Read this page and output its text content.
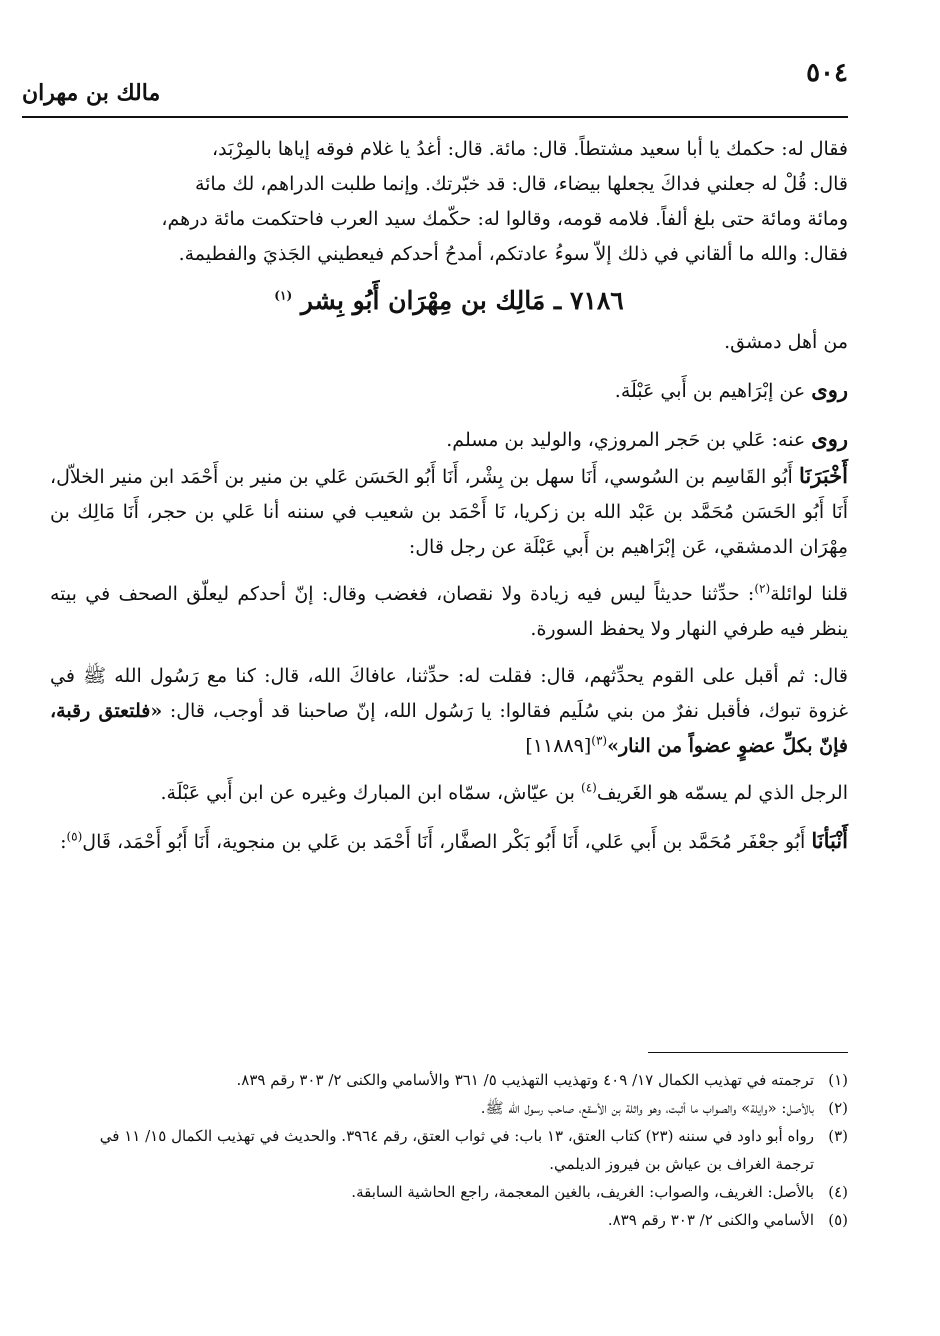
٥٠٤
مالك بن مهران

فقال له: حكمك يا أبا سعيد مشتطاً. قال: مائة. قال: أغدُ يا غلام فوقه إياها بالمِرْبَد،

قال: قُلْ له جعلني فداكَ يجعلها بيضاء، قال: قد خبّرتك. وإنما طلبت الدراهم، لك مائة

ومائة ومائة حتى بلغ ألفاً. فلامه قومه، وقالوا له: حكّمك سيد العرب فاحتكمت مائة درهم،

فقال: والله ما ألقاني في ذلك إلاّ سوءُ عادتكم، أمدحُ أحدكم فيعطيني الجَذيَ والفطيمة.

٧١٨٦ ـ مَالِك بن مِهْرَان أَبُو بِشر $^{(١)}$

من أهل دمشق.

روى عن إبْرَاهيم بن أَبي عَبْلَة.

روى عنه: عَلي بن حَجر المروزي، والوليد بن مسلم.

أَخْبَرَنَا أَبُو القَاسِم بن السُوسي، أَنَا سهل بن بِشْر، أَنَا أَبُو الحَسَن عَلي بن منير بن أَحْمَد ابن منير الخلاّل، أَنَا أَبُو الحَسَن مُحَمَّد بن عَبْد الله بن زكريا، نَا أَحْمَد بن شعيب في سننه أنا عَلي بن حجر، أَنَا مَالِك بن مِهْرَان الدمشقي، عَن إبْرَاهيم بن أَبي عَبْلَة عن رجل قال:

قلنا لوائلة$^{(٢)}$: حدِّثنا حديثاً ليس فيه زيادة ولا نقصان، فغضب وقال: إنّ أحدكم ليعلّق الصحف في بيته ينظر فيه طرفي النهار ولا يحفظ السورة.

قال: ثم أقبل على القوم يحدِّثهم، قال: فقلت له: حدِّثنا، عافاكَ الله، قال: كنا مع رَسُول الله ﷺ في غزوة تبوك، فأقبل نفرٌ من بني سُلَيم فقالوا: يا رَسُول الله، إنّ صاحبنا قد أوجب، قال: «فلتعتق رقبة، فإنّ بكلِّ عضوٍ عضواً من النار»$^{(٣)}$[١١٨٨٩]

الرجل الذي لم يسمّه هو الغَريف$^{(٤)}$ بن عيّاش، سمّاه ابن المبارك وغيره عن ابن أَبي عَبْلَة.

أَنْبَأنَا أَبُو جعْفَر مُحَمَّد بن أَبي عَلي، أَنَا أَبُو بَكْر الصفَّار، أَنَا أَحْمَد بن عَلي بن منجوية، أَنَا أَبُو أَحْمَد، قَال$^{(٥)}$:

(١)
ترجمته في تهذيب الكمال ١٧/ ٤٠٩ وتهذيب التهذيب ٥/ ٣٦١ والأسامي والكنى ٢/ ٣٠٣ رقم ٨٣٩.
(٢)
بالأصل: «وايلة» والصواب ما أثبت، وهو واثلة بن الأسقع، صاحب رسول الله ﷺ.
(٣)
رواه أبو داود في سننه (٢٣) كتاب العتق، ١٣ باب: في ثواب العتق، رقم ٣٩٦٤. والحديث في تهذيب الكمال ١٥/ ١١ في ترجمة الغراف بن عياش بن فيروز الديلمي.
(٤)
بالأصل: الغريف، والصواب: الغريف، بالغين المعجمة، راجع الحاشية السابقة.
(٥)
الأسامي والكنى ٢/ ٣٠٣ رقم ٨٣٩.
